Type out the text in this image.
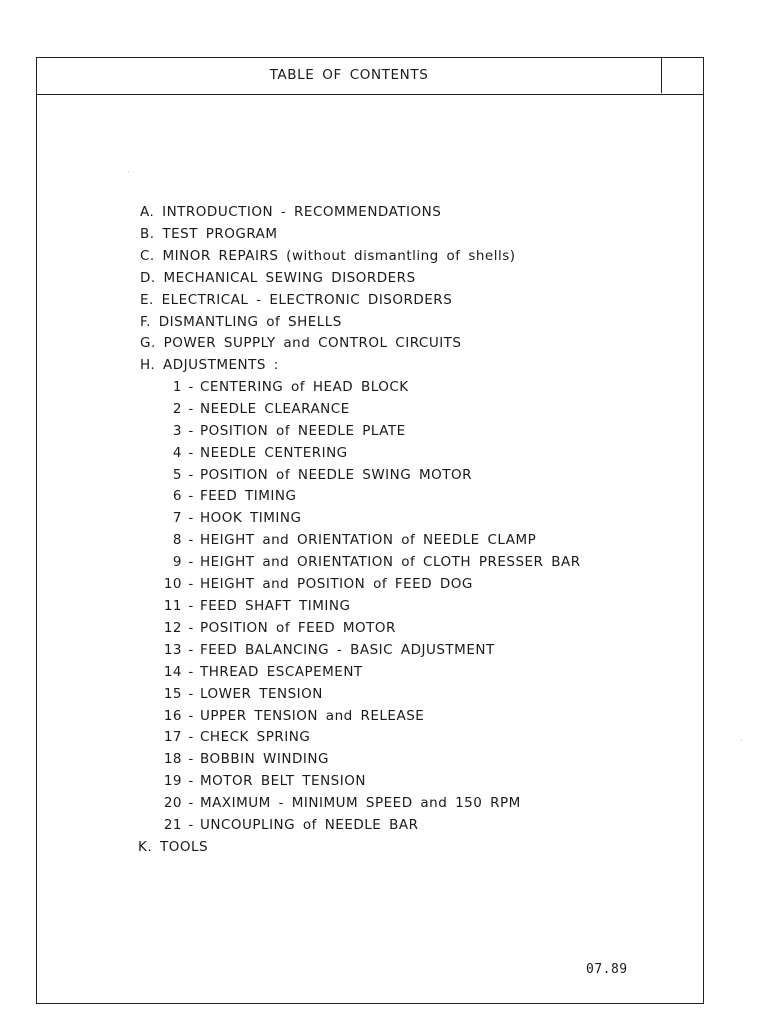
TABLE OF CONTENTS
A. INTRODUCTION - RECOMMENDATIONS
B. TEST PROGRAM
C. MINOR REPAIRS (without dismantling of shells)
D. MECHANICAL SEWING DISORDERS
E. ELECTRICAL - ELECTRONIC DISORDERS
F. DISMANTLING of SHELLS
G. POWER SUPPLY and CONTROL CIRCUITS
H. ADJUSTMENTS :
1 - CENTERING of HEAD BLOCK
2 - NEEDLE CLEARANCE
3 - POSITION of NEEDLE PLATE
4 - NEEDLE CENTERING
5 - POSITION of NEEDLE SWING MOTOR
6 - FEED TIMING
7 - HOOK TIMING
8 - HEIGHT and ORIENTATION of NEEDLE CLAMP
9 - HEIGHT and ORIENTATION of CLOTH PRESSER BAR
10 - HEIGHT and POSITION of FEED DOG
11 - FEED SHAFT TIMING
12 - POSITION of FEED MOTOR
13 - FEED BALANCING - BASIC ADJUSTMENT
14 - THREAD ESCAPEMENT
15 - LOWER TENSION
16 - UPPER TENSION and RELEASE
17 - CHECK SPRING
18 - BOBBIN WINDING
19 - MOTOR BELT TENSION
20 - MAXIMUM - MINIMUM SPEED and 150 RPM
21 - UNCOUPLING of NEEDLE BAR
K. TOOLS
07.89
